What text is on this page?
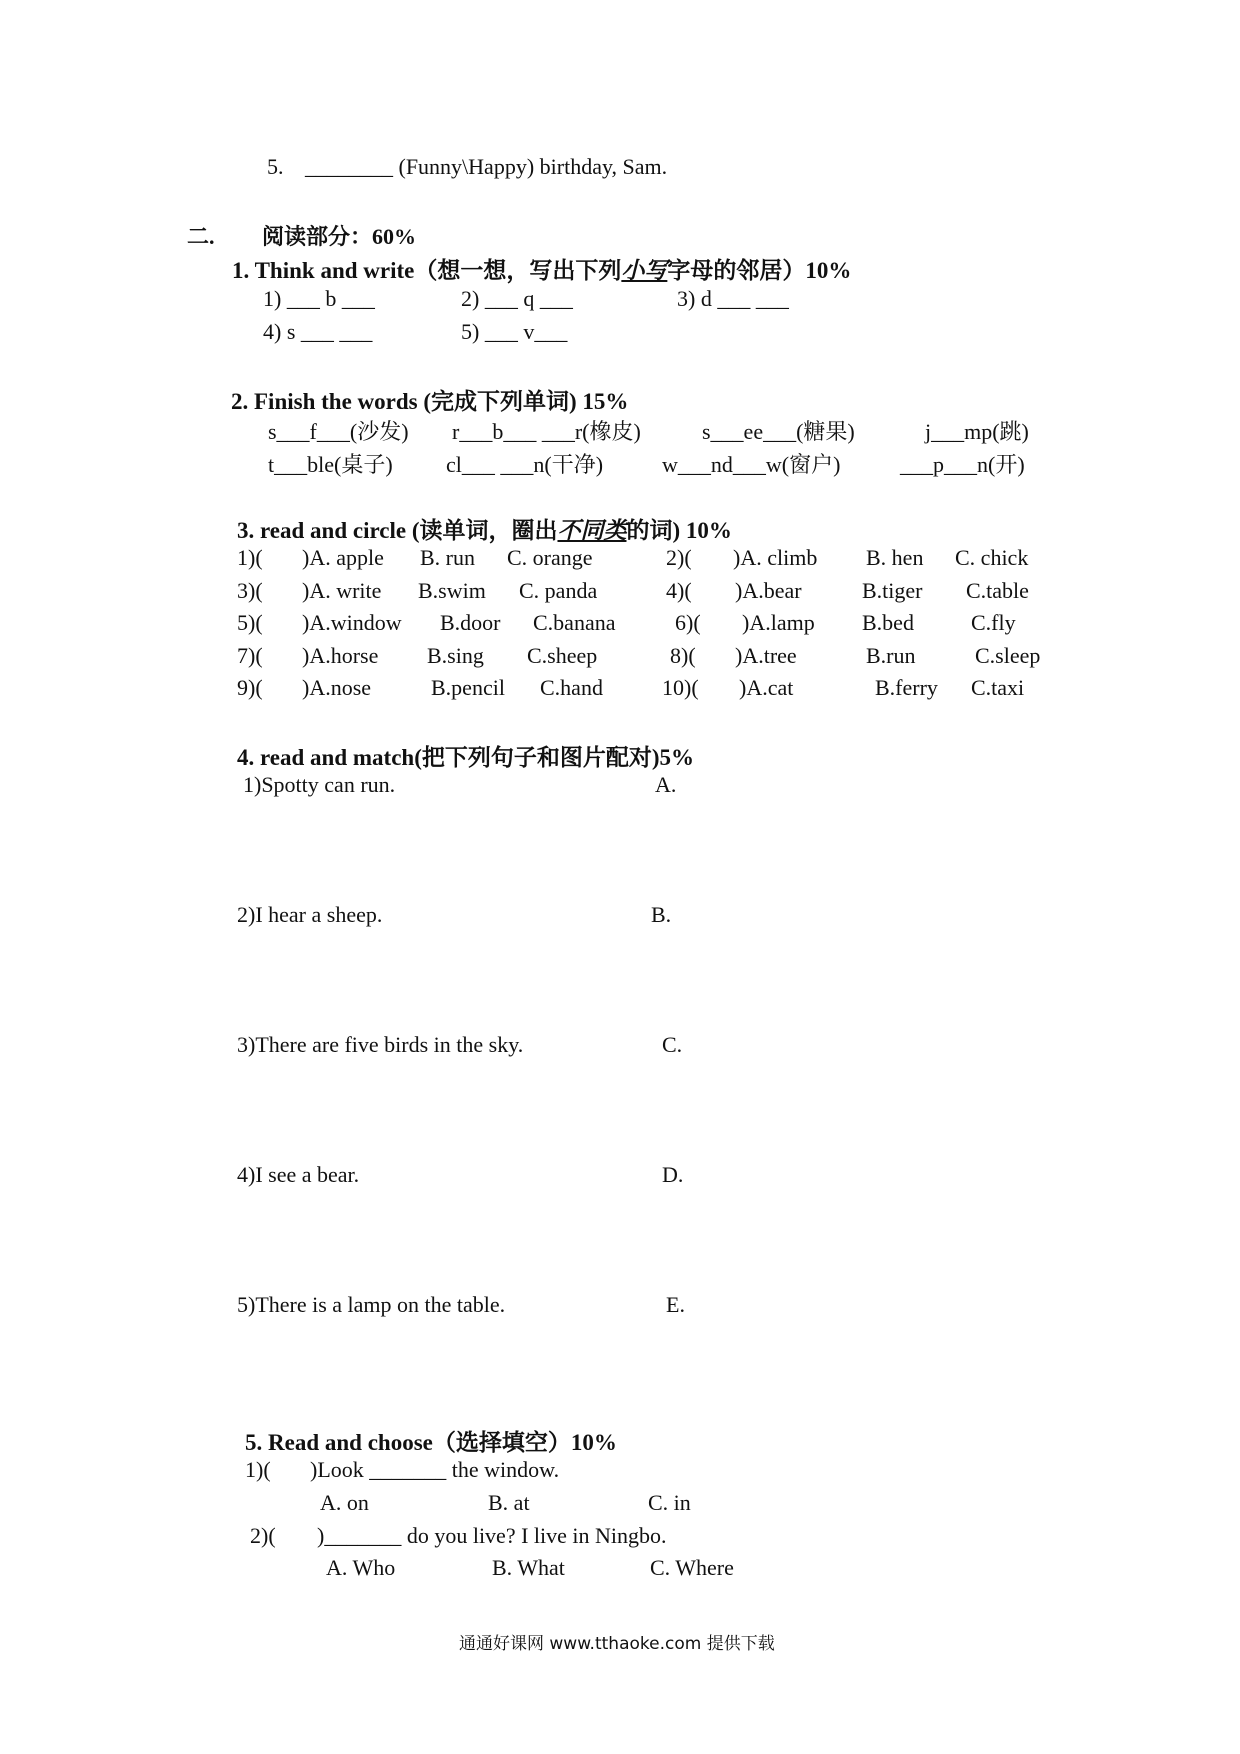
5. ________ (Funny\Happy) birthday, Sam.
二. 阅读部分：60%
1. Think and write（想一想，写出下列小写字母的邻居）10%
1) ___ b ___	2) ___ q ___	3) d ___ ___
4) s ___ ___	5) ___ v___
2. Finish the words (完成下列单词) 15%
s___f___(沙发) r___b___ ___r(橡皮)	s___ee___(糖果)	j___mp(跳)
t___ble(桌子) cl___ ___n(干净)	w___nd___w(窗户)	___p___n(开)
3. read and circle (读单词，圈出不同类的词) 10%
1)( )A. apple B. run C. orange	2)( )A. climb B. hen C. chick
3)( )A. write B.swim C. panda	4)( )A.bear	B.tiger C.table
5)( )A.window B.door C.banana	6)( )A.lamp B.bed	C.fly
7)( )A.horse B.sing C.sheep	8)( )A.tree	B.run	C.sleep
9)( )A.nose	B.pencil C.hand	10)( )A.cat	B.ferry C.taxi
4. read and match(把下列句子和图片配对)5%
1)Spotty can run.	A.
2)I hear a sheep.	B.
3)There are five birds in the sky.	C.
4)I see a bear.	D.
5)There is a lamp on the table.	E.
5. Read and choose（选择填空）10%
1)( )Look _______ the window.
A. on	B. at	C. in
2)( )_______ do you live? I live in Ningbo.
A. Who	B. What	C. Where
通通好课网 www.tthaoke.com 提供下载
